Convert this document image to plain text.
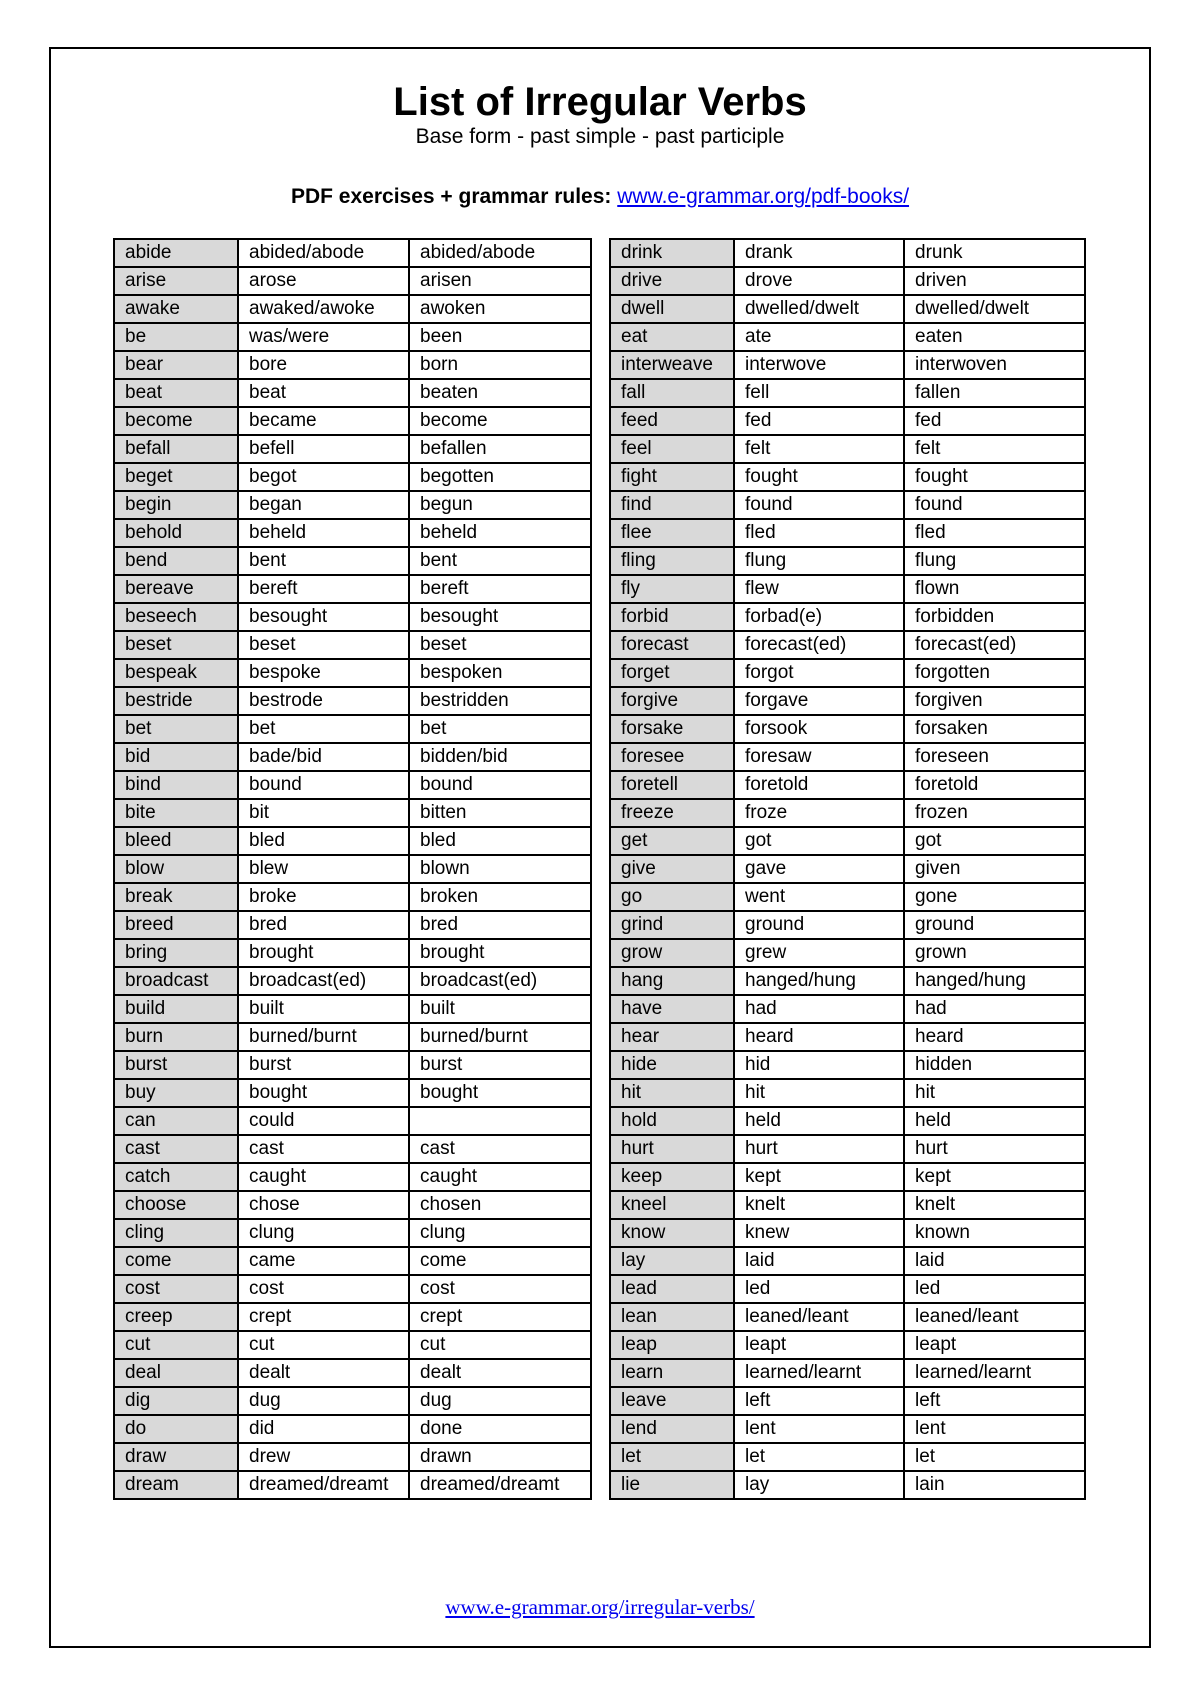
List of Irregular Verbs
Base form - past simple - past participle
PDF exercises + grammar rules: www.e-grammar.org/pdf-books/
abide	abided/abode	abided/abode
arise	arose	arisen
awake	awaked/awoke	awoken
be	was/were	been
bear	bore	born
beat	beat	beaten
become	became	become
befall	befell	befallen
beget	begot	begotten
begin	began	begun
behold	beheld	beheld
bend	bent	bent
bereave	bereft	bereft
beseech	besought	besought
beset	beset	beset
bespeak	bespoke	bespoken
bestride	bestrode	bestridden
bet	bet	bet
bid	bade/bid	bidden/bid
bind	bound	bound
bite	bit	bitten
bleed	bled	bled
blow	blew	blown
break	broke	broken
breed	bred	bred
bring	brought	brought
broadcast	broadcast(ed)	broadcast(ed)
build	built	built
burn	burned/burnt	burned/burnt
burst	burst	burst
buy	bought	bought
can	could	
cast	cast	cast
catch	caught	caught
choose	chose	chosen
cling	clung	clung
come	came	come
cost	cost	cost
creep	crept	crept
cut	cut	cut
deal	dealt	dealt
dig	dug	dug
do	did	done
draw	drew	drawn
dream	dreamed/dreamt	dreamed/dreamt
drink	drank	drunk
drive	drove	driven
dwell	dwelled/dwelt	dwelled/dwelt
eat	ate	eaten
interweave	interwove	interwoven
fall	fell	fallen
feed	fed	fed
feel	felt	felt
fight	fought	fought
find	found	found
flee	fled	fled
fling	flung	flung
fly	flew	flown
forbid	forbad(e)	forbidden
forecast	forecast(ed)	forecast(ed)
forget	forgot	forgotten
forgive	forgave	forgiven
forsake	forsook	forsaken
foresee	foresaw	foreseen
foretell	foretold	foretold
freeze	froze	frozen
get	got	got
give	gave	given
go	went	gone
grind	ground	ground
grow	grew	grown
hang	hanged/hung	hanged/hung
have	had	had
hear	heard	heard
hide	hid	hidden
hit	hit	hit
hold	held	held
hurt	hurt	hurt
keep	kept	kept
kneel	knelt	knelt
know	knew	known
lay	laid	laid
lead	led	led
lean	leaned/leant	leaned/leant
leap	leapt	leapt
learn	learned/learnt	learned/learnt
leave	left	left
lend	lent	lent
let	let	let
lie	lay	lain
www.e-grammar.org/irregular-verbs/
